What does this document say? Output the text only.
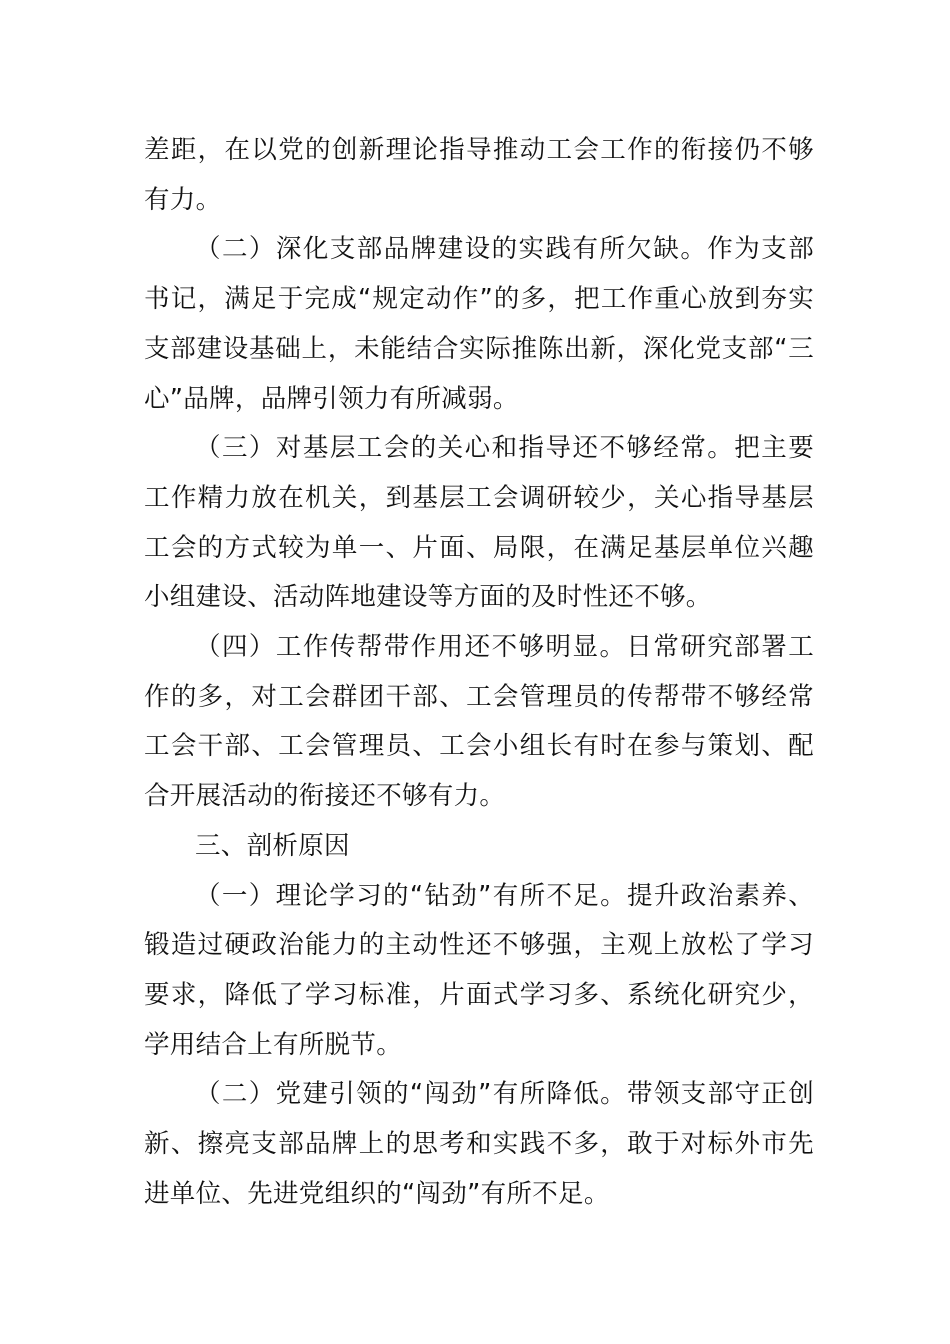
差距，在以党的创新理论指导推动工会工作的衔接仍不够有力。

（二）深化支部品牌建设的实践有所欠缺。作为支部书记，满足于完成“规定动作”的多，把工作重心放到夯实支部建设基础上，未能结合实际推陈出新，深化党支部“三心”品牌，品牌引领力有所减弱。

（三）对基层工会的关心和指导还不够经常。把主要工作精力放在机关，到基层工会调研较少，关心指导基层工会的方式较为单一、片面、局限，在满足基层单位兴趣小组建设、活动阵地建设等方面的及时性还不够。

（四）工作传帮带作用还不够明显。日常研究部署工作的多，对工会群团干部、工会管理员的传帮带不够经常工会干部、工会管理员、工会小组长有时在参与策划、配合开展活动的衔接还不够有力。

三、剖析原因

（一）理论学习的“钻劲”有所不足。提升政治素养、锻造过硬政治能力的主动性还不够强，主观上放松了学习要求，降低了学习标准，片面式学习多、系统化研究少，学用结合上有所脱节。

（二）党建引领的“闯劲”有所降低。带领支部守正创新、擦亮支部品牌上的思考和实践不多，敢于对标外市先进单位、先进党组织的“闯劲”有所不足。
